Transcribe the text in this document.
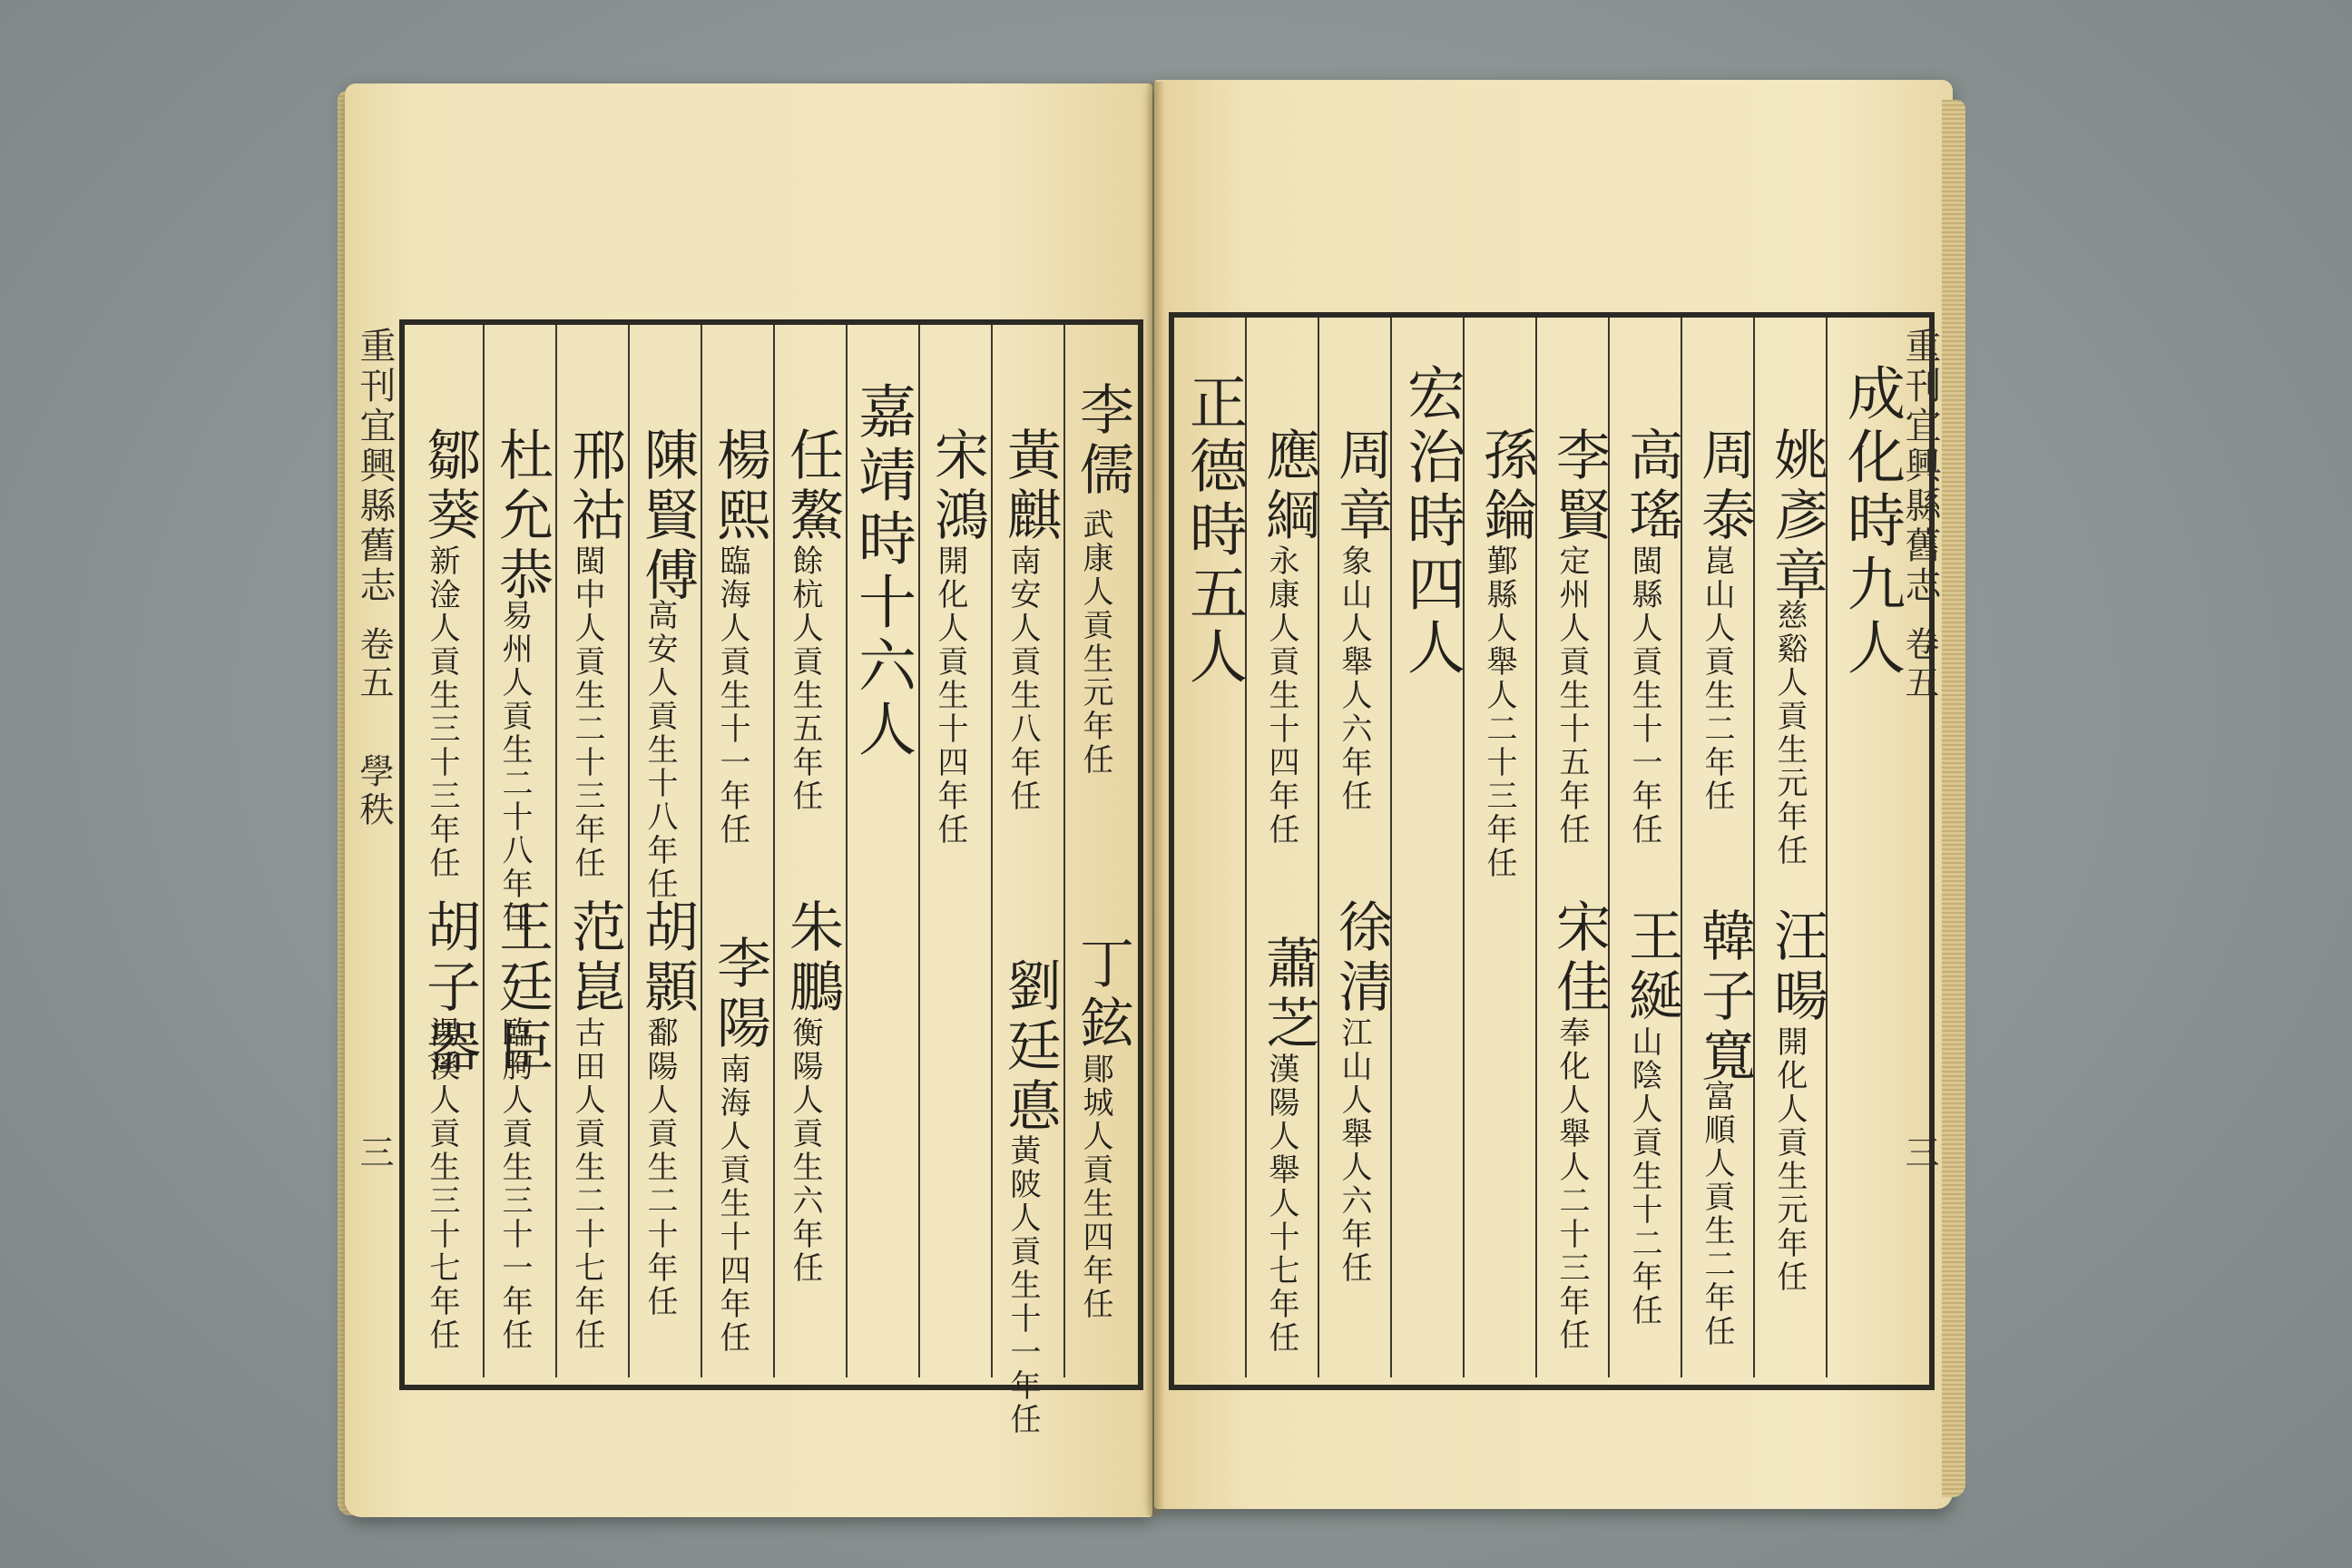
重刊宜興縣舊志
卷五
學秩
三
李儒
武康人貢生元年任
黃麒
南安人貢生八年任
宋鴻
開化人貢生十四年任
嘉靖時十六人
任鰲
餘杭人貢生五年任
楊熙
臨海人貢生十一年任
陳賢傅
高安人貢生十八年任
邢祜
閩中人貢生二十三年任
杜允恭
易州人貢生二十八年任
鄒葵
新淦人貢生三十三年任
丁鉉
鄖城人貢生四年任
劉廷悳
黃陂人貢生十一年任
朱鵬
衡陽人貢生六年任
李陽
南海人貢生十四年任
胡顥
鄱陽人貢生二十年任
范崑
古田人貢生二十七年任
王廷臣
臨朐人貢生三十一年任
胡子器
湯溪人貢生三十七年任
重刊宜興縣舊志
卷五
三
成化時九人
姚彥章
慈谿人貢生元年任
周泰
崑山人貢生二年任
高瑤
閩縣人貢生十一年任
李賢
定州人貢生十五年任
孫錀
鄞縣人舉人二十三年任
宏治時四人
周章
象山人舉人六年任
應綱
永康人貢生十四年任
正德時五人
汪暘
開化人貢生元年任
韓子寬
富順人貢生二年任
王綖
山陰人貢生十二年任
宋佳
奉化人舉人二十三年任
徐清
江山人舉人六年任
蕭芝
漢陽人舉人十七年任
